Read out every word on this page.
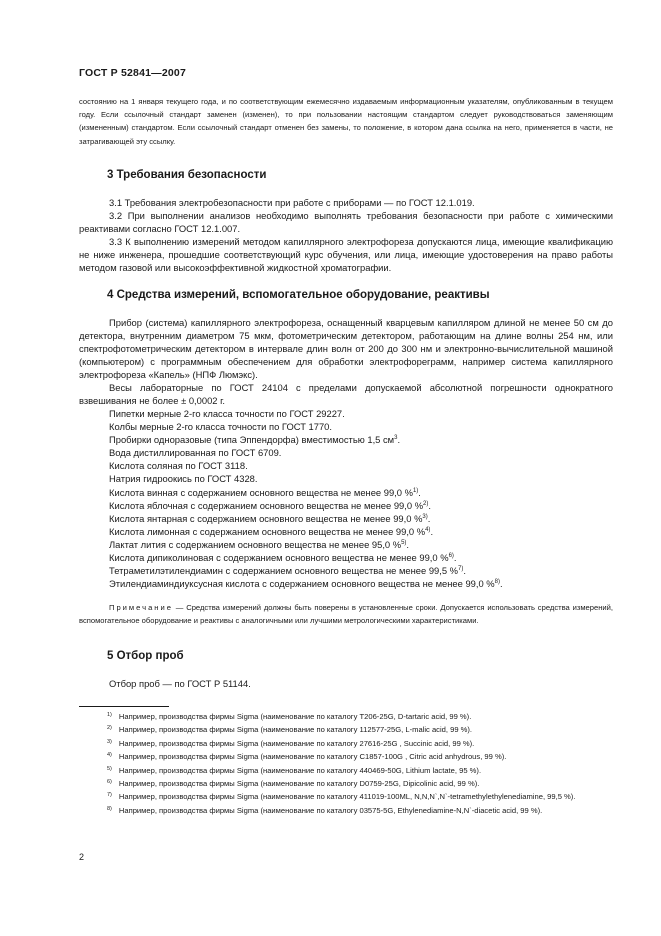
ГОСТ Р 52841—2007
состоянию на 1 января текущего года, и по соответствующим ежемесячно издаваемым информационным указателям, опубликованным в текущем году. Если ссылочный стандарт заменен (изменен), то при пользовании настоящим стандартом следует руководствоваться заменяющим (измененным) стандартом. Если ссылочный стандарт отменен без замены, то положение, в котором дана ссылка на него, применяется в части, не затрагивающей эту ссылку.
3 Требования безопасности
3.1 Требования электробезопасности при работе с приборами — по ГОСТ 12.1.019.
3.2 При выполнении анализов необходимо выполнять требования безопасности при работе с химическими реактивами согласно ГОСТ 12.1.007.
3.3 К выполнению измерений методом капиллярного электрофореза допускаются лица, имеющие квалификацию не ниже инженера, прошедшие соответствующий курс обучения, или лица, имеющие удостоверения на право работы методом газовой или высокоэффективной жидкостной хроматографии.
4 Средства измерений, вспомогательное оборудование, реактивы
Прибор (система) капиллярного электрофореза, оснащенный кварцевым капилляром длиной не менее 50 см до детектора, внутренним диаметром 75 мкм, фотометрическим детектором, работающим на длине волны 254 нм, или спектрофотометрическим детектором в интервале длин волн от 200 до 300 нм и электронно-вычислительной машиной (компьютером) с программным обеспечением для обработки электрофореграмм, например система капиллярного электрофореза «Капель» (НПФ Люмэкс).
Весы лабораторные по ГОСТ 24104 с пределами допускаемой абсолютной погрешности однократного взвешивания не более ± 0,0002 г.
Пипетки мерные 2-го класса точности по ГОСТ 29227.
Колбы мерные 2-го класса точности по ГОСТ 1770.
Пробирки одноразовые (типа Эппендорфа) вместимостью 1,5 $см^3$.
Вода дистиллированная по ГОСТ 6709.
Кислота соляная по ГОСТ 3118.
Натрия гидроокись по ГОСТ 4328.
Кислота винная с содержанием основного вещества не менее 99,0 %$^{1)}$.
Кислота яблочная с содержанием основного вещества не менее 99,0 %$^{2)}$.
Кислота янтарная с содержанием основного вещества не менее 99,0 %$^{3)}$.
Кислота лимонная с содержанием основного вещества не менее 99,0 %$^{4)}$.
Лактат лития с содержанием основного вещества не менее 95,0 %$^{5)}$.
Кислота дипиколиновая с содержанием основного вещества не менее 99,0 %$^{6)}$.
Тетраметилэтилендиамин с содержанием основного вещества не менее 99,5 %$^{7)}$.
Этилендиаминдиуксусная кислота с содержанием основного вещества не менее 99,0 %$^{8)}$.
Примечание — Средства измерений должны быть поверены в установленные сроки. Допускается использовать средства измерений, вспомогательное оборудование и реактивы с аналогичными или лучшими метрологическими характеристиками.
5 Отбор проб
Отбор проб — по ГОСТ Р 51144.
$^{1)}$ Например, производства фирмы Sigma (наименование по каталогу T206-25G, D-tartaric acid, 99 %).
$^{2)}$ Например, производства фирмы Sigma (наименование по каталогу 112577-25G, L-malic acid, 99 %).
$^{3)}$ Например, производства фирмы Sigma (наименование по каталогу 27616-25G , Succinic acid, 99 %).
$^{4)}$ Например, производства фирмы Sigma (наименование по каталогу C1857-100G , Citric acid anhydrous, 99 %).
$^{5)}$ Например, производства фирмы Sigma (наименование по каталогу 440469-50G, Lithium lactate, 95 %).
$^{6)}$ Например, производства фирмы Sigma (наименование по каталогу D0759-25G, Dipicolinic acid, 99 %).
$^{7)}$ Например, производства фирмы Sigma (наименование по каталогу 411019-100ML, N,N,N`,N`-tetramethylethylenediamine, 99,5 %).
$^{8)}$ Например, производства фирмы Sigma (наименование по каталогу 03575-5G, Ethylenediamine-N,N`-diacetic acid, 99 %).
2
